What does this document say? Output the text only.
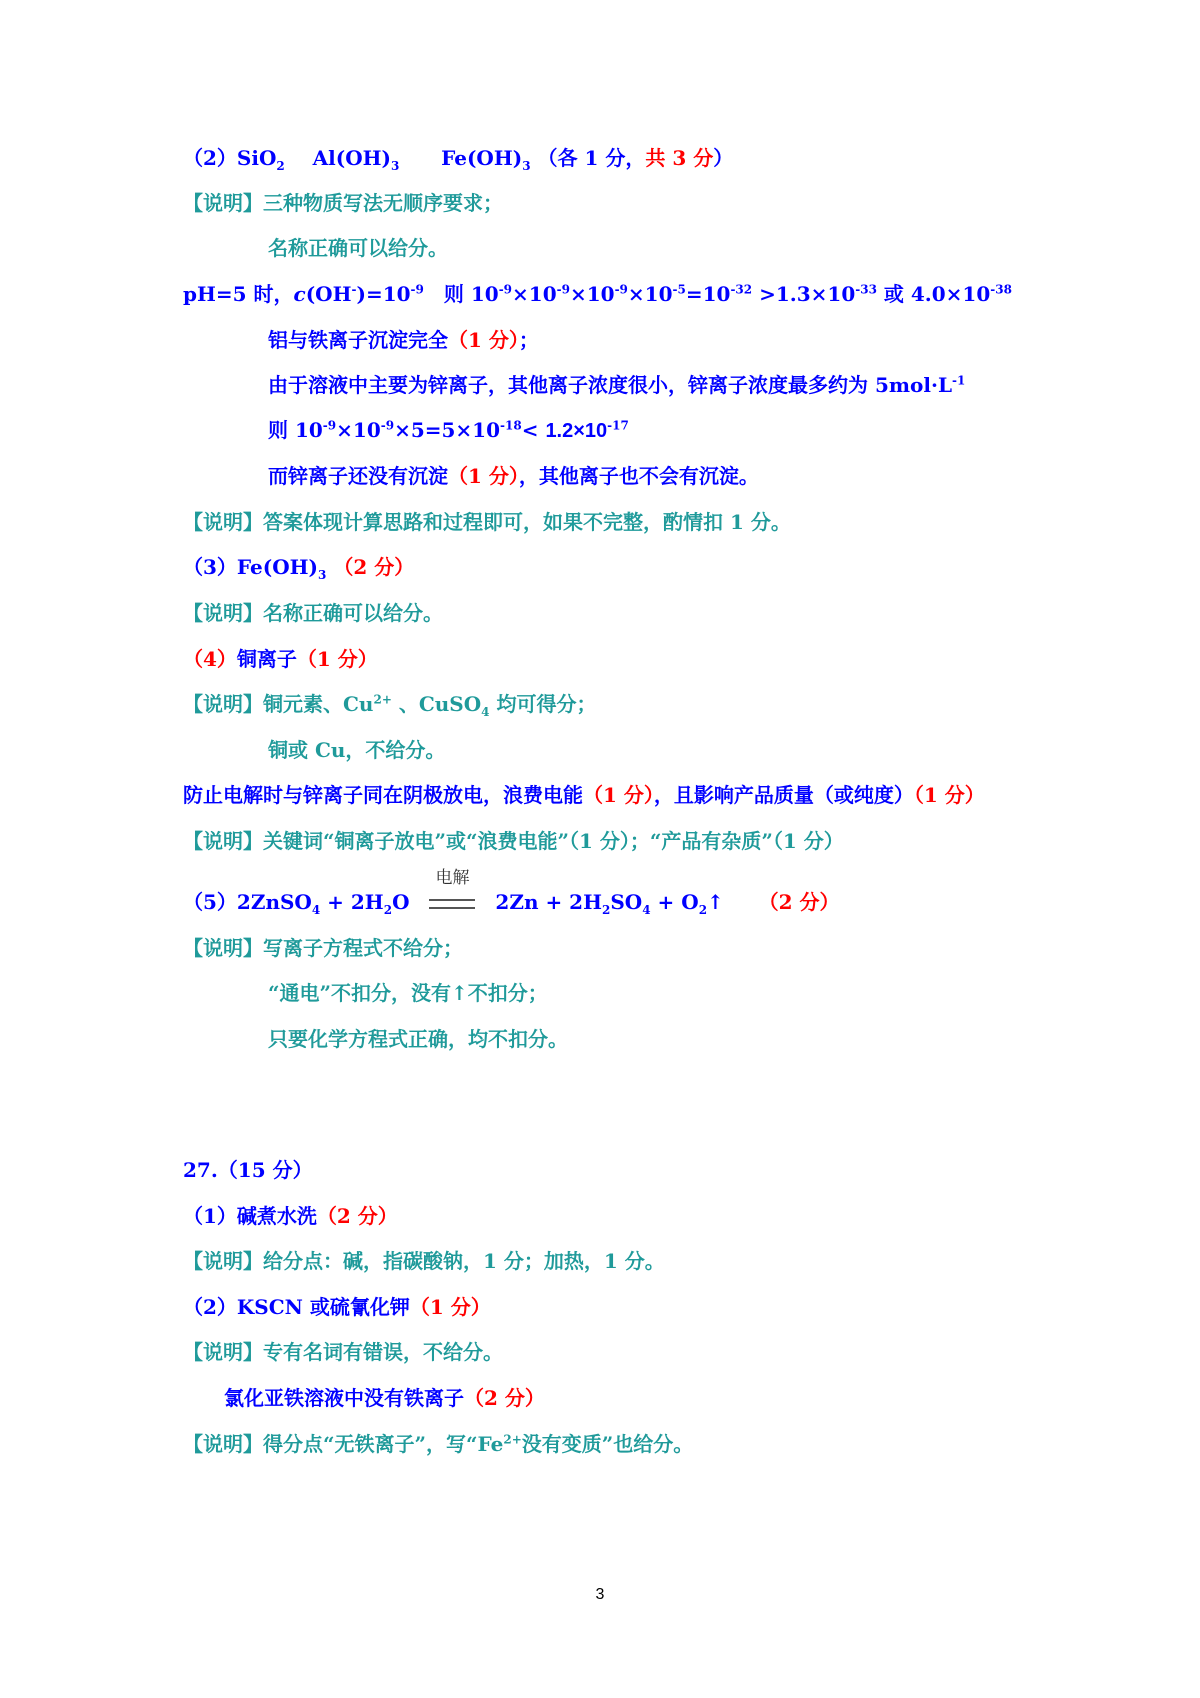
（2）SiO$_2$ $Al(OH)_3$ $Fe(OH)_3$ （各 1 分，共 3 分）
【说明】三种物质写法无顺序要求；
名称正确可以给分。
pH=5 时，$c(OH^-)=10^{-9}$　则 $10^{-9}\times 10^{-9}\times 10^{-9}\times 10^{-5}=10^{-32} >1.3\times 10^{-33}$ 或 $4.0\times 10^{-38}$
铝与铁离子沉淀完全（1 分）；
由于溶液中主要为锌离子，其他离子浓度很小，锌离子浓度最多约为 $5mol\cdot L^{-1}$
则 $10^{-9}\times 10^{-9}\times 5=5\times 10^{-18}< 1.2\times 10^{-17}$
而锌离子还没有沉淀（1 分），其他离子也不会有沉淀。
【说明】答案体现计算思路和过程即可，如果不完整，酌情扣 1 分。
$(3)Fe(OH)_3$ （2 分）
【说明】名称正确可以给分。
（4）铜离子（1 分）
【说明】铜元素、$Cu^{2+}$ 、CuSO$_4$ 均可得分；
铜或 Cu，不给分。
防止电解时与锌离子同在阴极放电，浪费电能（1 分），且影响产品质量（或纯度）（1 分）
【说明】关键词“铜离子放电”或“浪费电能”（1 分）；“产品有杂质”（1 分）
（5）2ZnSO$_4$ + $2H_2O$
电解
$2Zn + 2H_2SO_4$ + $O_2↑$ （2 分）
【说明】写离子方程式不给分；
“通电”不扣分，没有↑不扣分；
只要化学方程式正确，均不扣分。
27.（15 分）
（1）碱煮水洗（2 分）
【说明】给分点：碱，指碳酸钠，1 分；加热，1 分。
（2）KSCN 或硫氰化钾（1 分）
【说明】专有名词有错误，不给分。
氯化亚铁溶液中没有铁离子（2 分）
【说明】得分点“无铁离子”，写“$Fe^{2+}$没有变质”也给分。
3
